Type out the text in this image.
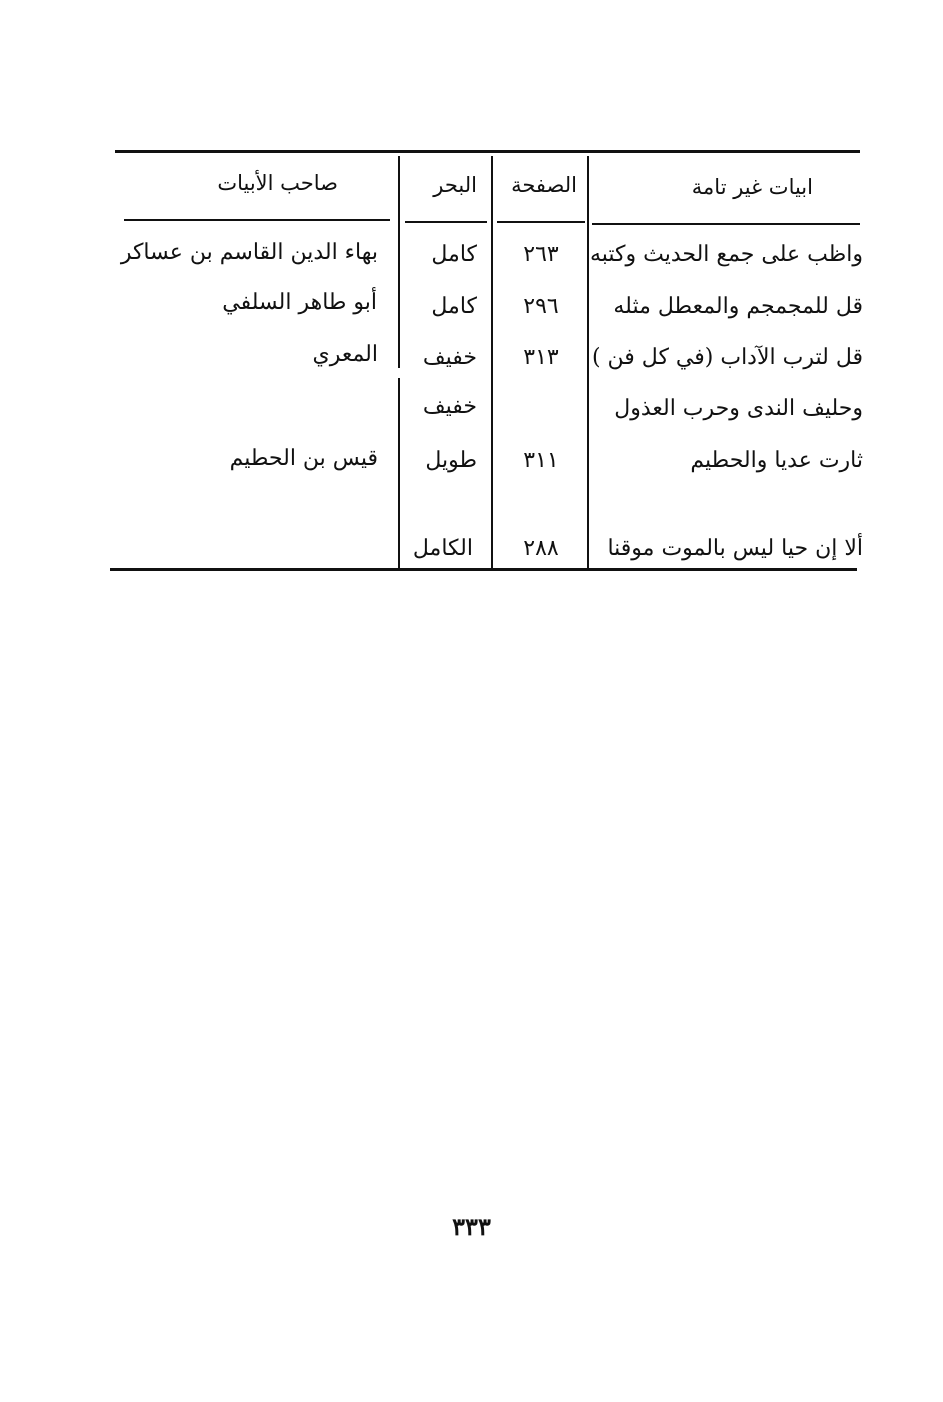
ابيات غير تامة
الصفحة
البحر
صاحب الأبيات
واظب على جمع الحديث وكتبه
٢٦٣
كامل
بهاء الدين القاسم بن عساكر
قل للمجمجم والمعطل مثله
٢٩٦
كامل
أبو طاهر السلفي
قل لترب الآداب (في كل فن )
٣١٣
خفيف
المعري
وحليف الندى وحرب العذول
خفيف
ثارت عديا والحطيم
٣١١
طويل
قيس بن الحطيم
ألا إن حيا ليس بالموت موقنا
٢٨٨
الكامل
٣٣٣
